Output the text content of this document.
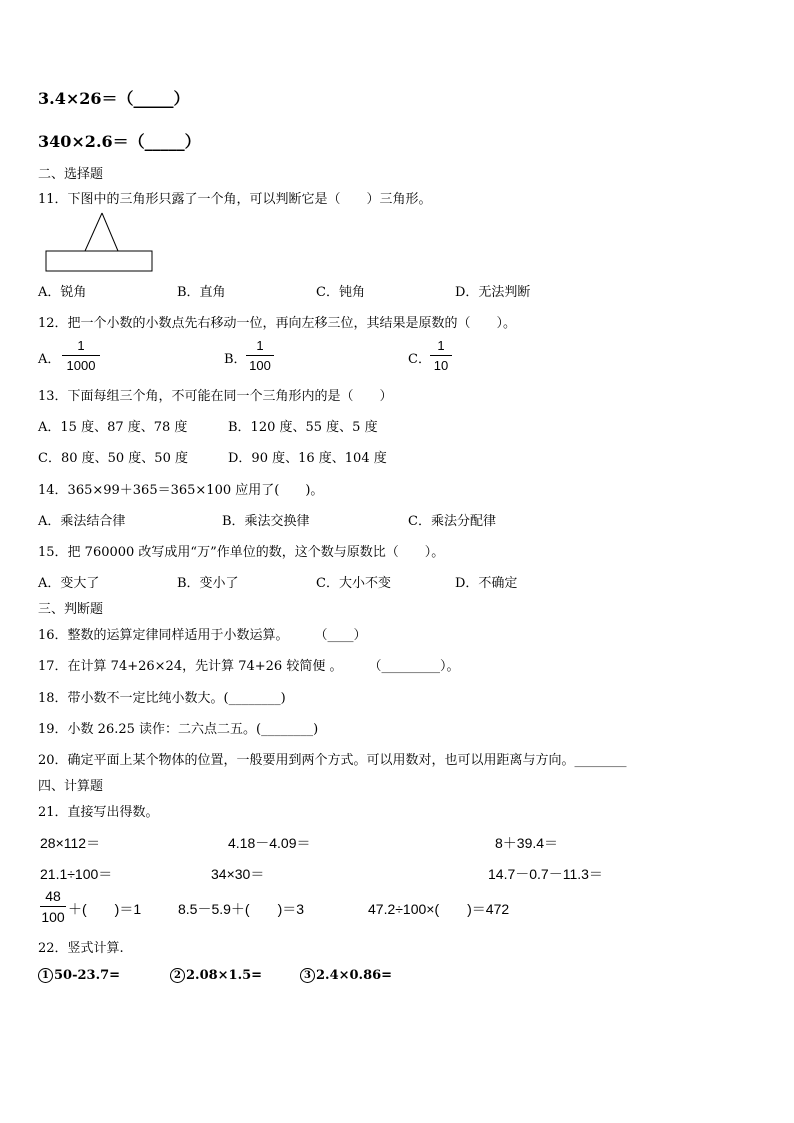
3.4×26＝（_____）
340×2.6＝（_____）
二、选择题
11．下图中的三角形只露了一个角，可以判断它是（　　）三角形。
A．锐角	B．直角	C．钝角	D．无法判断
12．把一个小数的小数点先右移动一位，再向左移三位，其结果是原数的（　　）。
A．
1
1000	B．
1
100	C．
1
10
13．下面每组三个角，不可能在同一个三角形内的是（　　）
A．15 度、87 度、78 度	B．120 度、55 度、5 度
C．80 度、50 度、50 度	D．90 度、16 度、104 度
14．365×99＋365＝365×100 应用了(　　)。
A．乘法结合律	B．乘法交换律	C．乘法分配律
15．把 760000 改写成用“万”作单位的数，这个数与原数比（　　）。
A．变大了	B．变小了	C．大小不变	D．不确定
三、判断题
16．整数的运算定律同样适用于小数运算。　　　（____）
17．在计算 74+26×24，先计算 74+26 较简便 。　　　（_________）。
18．带小数不一定比纯小数大。(________)
19．小数 26.25 读作：二六点二五。(________)
20．确定平面上某个物体的位置，一般要用到两个方式。可以用数对，也可以用距离与方向。________
四、计算题
21．直接写出得数。
28×112＝	4.18－4.09＝	8＋39.4＝
21.1÷100＝	34×30＝	14.7－0.7－11.3＝
48
100 ＋(　　)＝1	8.5－5.9＋(　　)＝3	47.2÷100×(　　)＝472
22．竖式计算.
1 50-23.7=	2 2.08×1.5=	3 2.4×0.86=
